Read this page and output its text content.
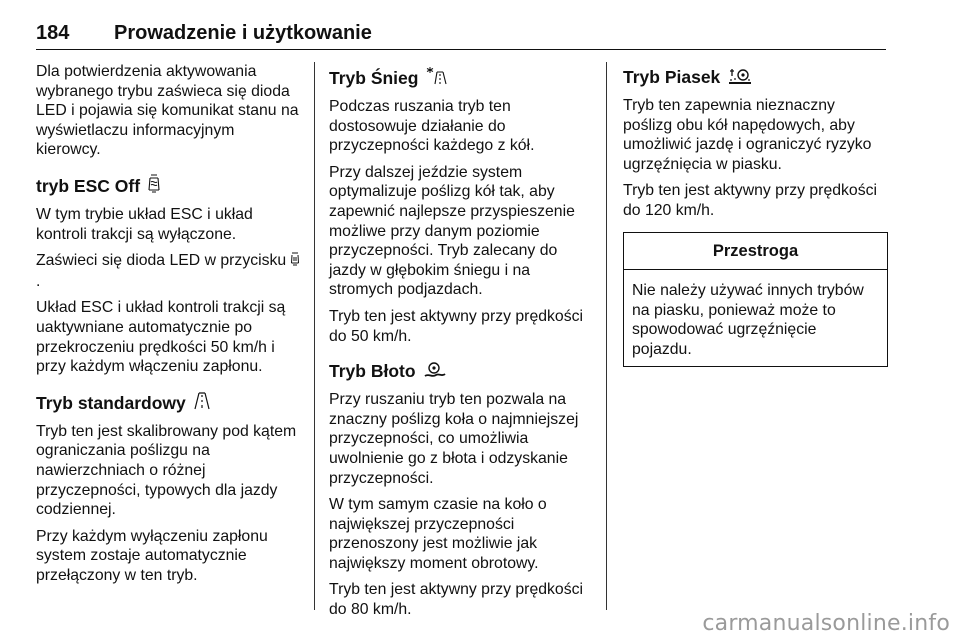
184	Prowadzenie i użytkowanie

Dla potwierdzenia aktywowania wybranego trybu zaświeca się dioda LED i pojawia się komunikat stanu na wyświetlaczu informacyjnym kierowcy.

tryb ESC Off

W tym trybie układ ESC i układ kontroli trakcji są wyłączone.

Zaświeci się dioda LED w przycisku .

Układ ESC i układ kontroli trakcji są uaktywniane automatycznie po przekroczeniu prędkości 50 km/h i przy każdym włączeniu zapłonu.

Tryb standardowy

Tryb ten jest skalibrowany pod kątem ograniczania poślizgu na nawierzchniach o różnej przyczepności, typowych dla jazdy codziennej.

Przy każdym wyłączeniu zapłonu system zostaje automatycznie przełączony w ten tryb.

Tryb Śnieg

Podczas ruszania tryb ten dostosowuje działanie do przyczepności każdego z kół.

Przy dalszej jeździe system optymalizuje poślizg kół tak, aby zapewnić najlepsze przyspieszenie możliwe przy danym poziomie przyczepności. Tryb zalecany do jazdy w głębokim śniegu i na stromych podjazdach.

Tryb ten jest aktywny przy prędkości do 50 km/h.

Tryb Błoto

Przy ruszaniu tryb ten pozwala na znaczny poślizg koła o najmniejszej przyczepności, co umożliwia uwolnienie go z błota i odzyskanie przyczepności.

W tym samym czasie na koło o największej przyczepności przenoszony jest możliwie jak największy moment obrotowy.

Tryb ten jest aktywny przy prędkości do 80 km/h.

Tryb Piasek

Tryb ten zapewnia nieznaczny poślizg obu kół napędowych, aby umożliwić jazdę i ograniczyć ryzyko ugrzęźnięcia w piasku.

Tryb ten jest aktywny przy prędkości do 120 km/h.

Przestroga
Nie należy używać innych trybów na piasku, ponieważ może to spowodować ugrzęźnięcie pojazdu.
carmanualsonline.info
